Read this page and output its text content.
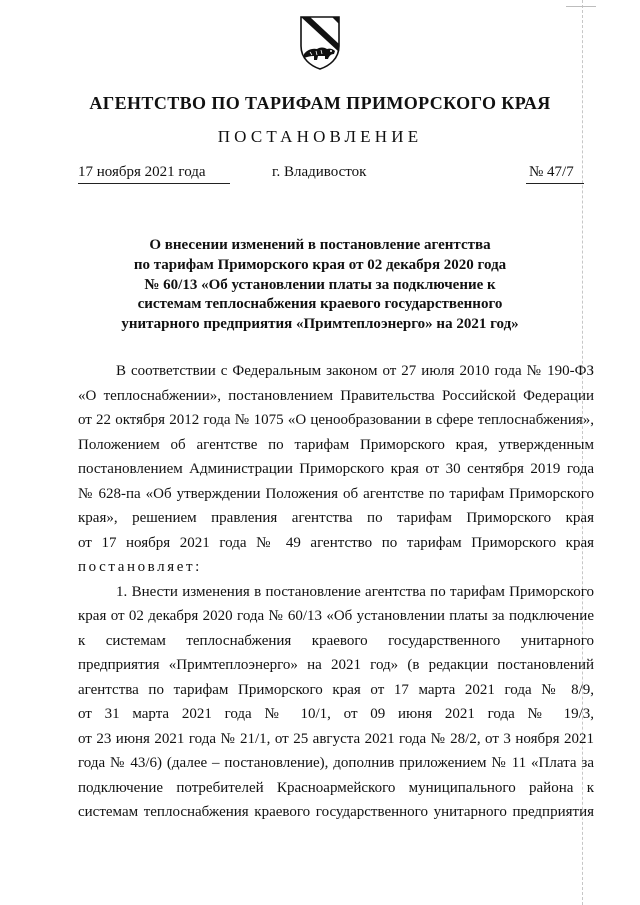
АГЕНТСТВО ПО ТАРИФАМ ПРИМОРСКОГО КРАЯ
ПОСТАНОВЛЕНИЕ
17 ноября 2021 года	г. Владивосток	№ 47/7
О внесении изменений в постановление агентства
по тарифам Приморского края от 02 декабря 2020 года
№ 60/13 «Об установлении платы за подключение к
системам теплоснабжения краевого государственного
унитарного предприятия «Примтеплоэнерго» на 2021 год»
В соответствии с Федеральным законом от 27 июля 2010 года № 190-ФЗ
«О теплоснабжении», постановлением Правительства Российской Федерации
от 22 октября 2012 года № 1075 «О ценообразовании в сфере теплоснабжения»,
Положением об агентстве по тарифам Приморского края, утвержденным
постановлением Администрации Приморского края от 30 сентября 2019 года
№ 628-па «Об утверждении Положения об агентстве по тарифам Приморского
края», решением правления агентства по тарифам Приморского края
от 17 ноября 2021 года № 49 агентство по тарифам Приморского края
постановляет:
1. Внести изменения в постановление агентства по тарифам Приморского
края от 02 декабря 2020 года № 60/13 «Об установлении платы за подключение
к системам теплоснабжения краевого государственного унитарного
предприятия «Примтеплоэнерго» на 2021 год» (в редакции постановлений
агентства по тарифам Приморского края от 17 марта 2021 года № 8/9,
от 31 марта 2021 года № 10/1, от 09 июня 2021 года № 19/3,
от 23 июня 2021 года № 21/1, от 25 августа 2021 года № 28/2, от 3 ноября 2021
года № 43/6) (далее – постановление), дополнив приложением № 11 «Плата за
подключение потребителей Красноармейского муниципального района к
системам теплоснабжения краевого государственного унитарного предприятия
